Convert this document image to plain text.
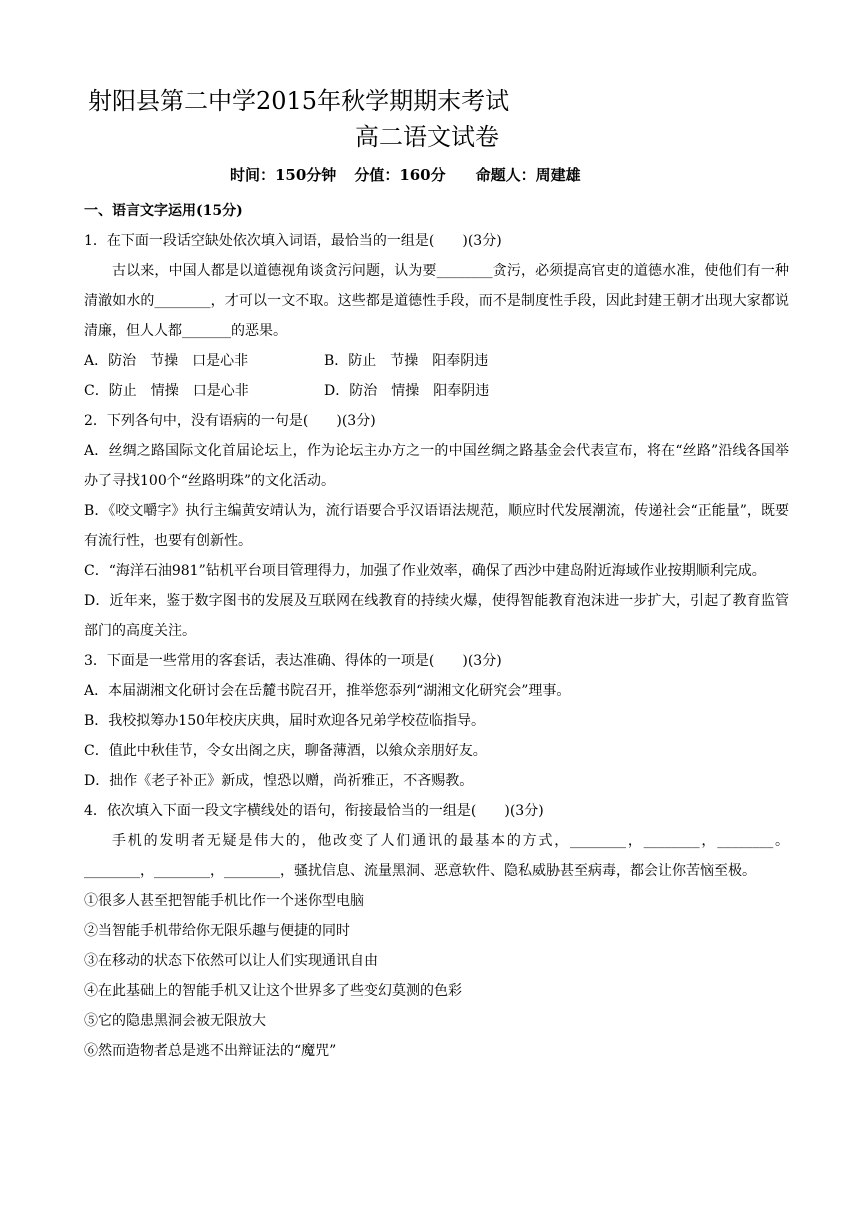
射阳县第二中学2015年秋学期期末考试
高二语文试卷
时间：150分钟 分值：160分 命题人：周建雄
一、语言文字运用(15分)
1．在下面一段话空缺处依次填入词语，最恰当的一组是(　　)(3分)
古以来，中国人都是以道德视角谈贪污问题，认为要________贪污，必须提高官吏的道德水准，使他们有一种清澈如水的________，才可以一文不取。这些都是道德性手段，而不是制度性手段，因此封建王朝才出现大家都说清廉，但人人都_______的恶果。
A．防治　节操　口是心非	B．防止　节操　阳奉阴违
C．防止　情操　口是心非	D．防治　情操　阳奉阴违
2．下列各句中，没有语病的一句是(　　)(3分)
A．丝绸之路国际文化首届论坛上，作为论坛主办方之一的中国丝绸之路基金会代表宣布，将在“丝路”沿线各国举办了寻找100个“丝路明珠”的文化活动。
B．《咬文嚼字》执行主编黄安靖认为，流行语要合乎汉语语法规范，顺应时代发展潮流，传递社会“正能量”，既要有流行性，也要有创新性。
C．“海洋石油981”钻机平台项目管理得力，加强了作业效率，确保了西沙中建岛附近海域作业按期顺利完成。
D．近年来，鉴于数字图书的发展及互联网在线教育的持续火爆，使得智能教育泡沫进一步扩大，引起了教育监管部门的高度关注。
3．下面是一些常用的客套话，表达准确、得体的一项是(　　)(3分)
A．本届湖湘文化研讨会在岳麓书院召开，推举您忝列“湖湘文化研究会”理事。
B．我校拟筹办150年校庆庆典，届时欢迎各兄弟学校莅临指导。
C．值此中秋佳节，令女出阁之庆，聊备薄酒，以飨众亲朋好友。
D．拙作《老子补正》新成，惶恐以赠，尚祈雅正，不吝赐教。
4．依次填入下面一段文字横线处的语句，衔接最恰当的一组是(　　)(3分)
手机的发明者无疑是伟大的，他改变了人们通讯的最基本的方式，________，________，________。________，________，________，骚扰信息、流量黑洞、恶意软件、隐私威胁甚至病毒，都会让你苦恼至极。
①很多人甚至把智能手机比作一个迷你型电脑
②当智能手机带给你无限乐趣与便捷的同时
③在移动的状态下依然可以让人们实现通讯自由
④在此基础上的智能手机又让这个世界多了些变幻莫测的色彩
⑤它的隐患黑洞会被无限放大
⑥然而造物者总是逃不出辩证法的“魔咒”
